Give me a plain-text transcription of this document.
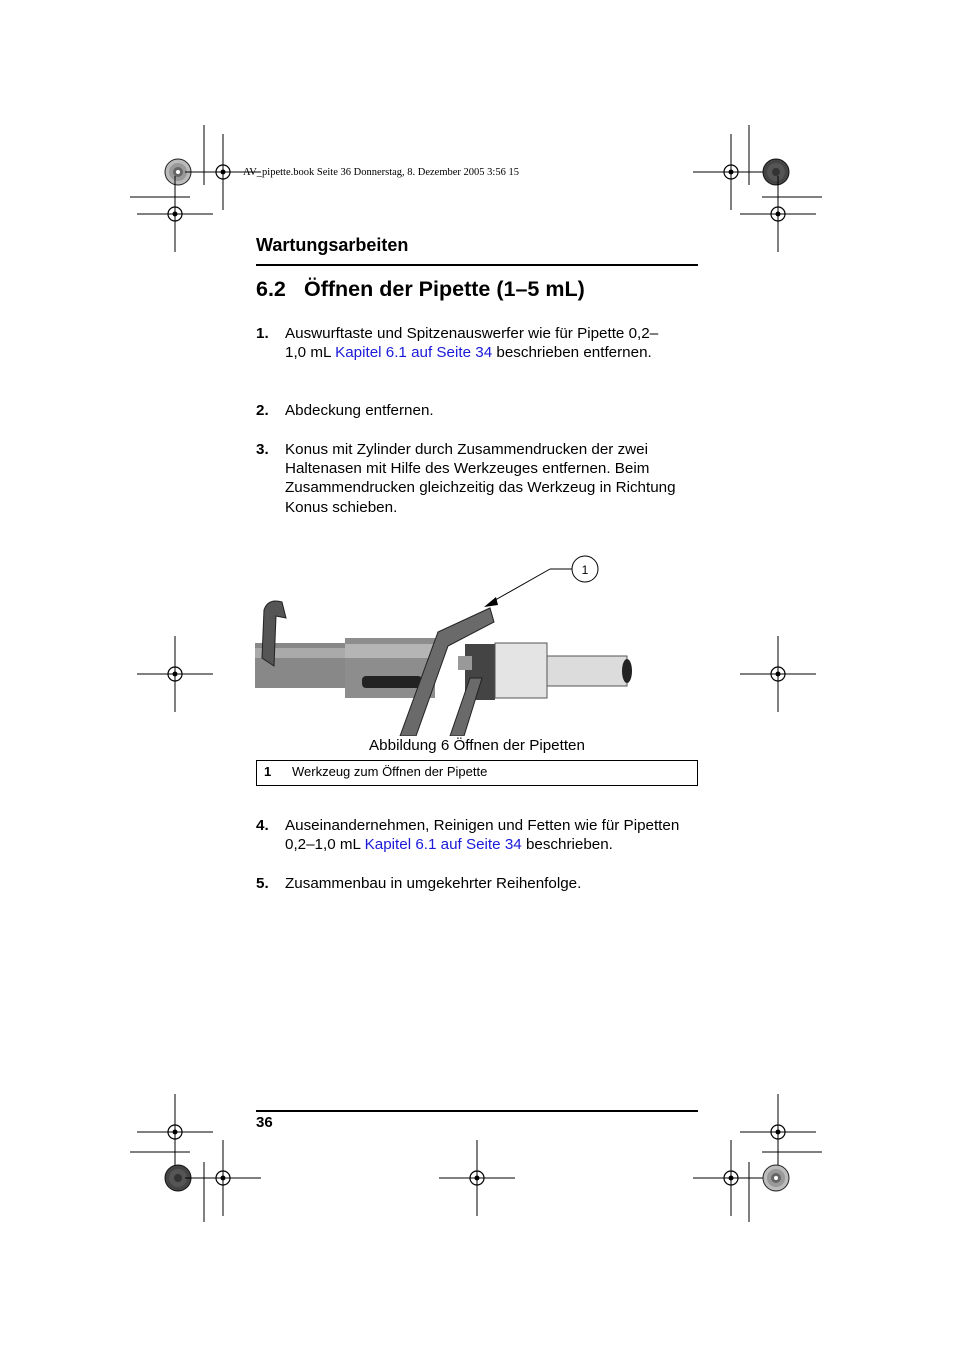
AV_pipette.book Seite 36 Donnerstag, 8. Dezember 2005 3:56 15
Wartungsarbeiten
6.2 Öffnen der Pipette (1–5 mL)
1. Auswurftaste und Spitzenauswerfer wie für Pipette 0,2–1,0 mL Kapitel 6.1 auf Seite 34 beschrieben entfernen.
2. Abdeckung entfernen.
3. Konus mit Zylinder durch Zusammendrucken der zwei Haltenasen mit Hilfe des Werkzeuges entfernen. Beim Zusammendrucken gleichzeitig das Werkzeug in Richtung Konus schieben.
1
Abbildung 6 Öffnen der Pipetten
1 Werkzeug zum Öffnen der Pipette
4. Auseinandernehmen, Reinigen und Fetten wie für Pipetten 0,2–1,0 mL Kapitel 6.1 auf Seite 34 beschrieben.
5. Zusammenbau in umgekehrter Reihenfolge.
36
